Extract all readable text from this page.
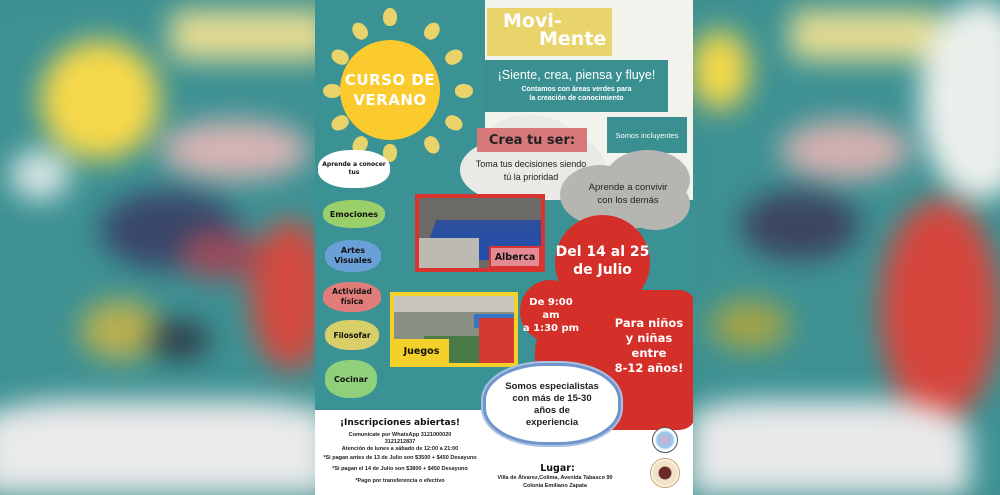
CURSO DE
VERANO
Movi-
Mente
¡Siente, crea, piensa y fluye!
Contamos con áreas verdes para
la creación de conocimiento
Somos incluyentes
Crea tu ser:
Toma tus decisiones siendo
tú la prioridad
Aprende a convivir
con los demás
Aprende a conocer tus
Emociones
Artes Visuales
Actividad física
Filosofar
Cocinar
Alberca
Juegos
Del 14 al 25
de Julio
De 9:00 am
a 1:30 pm	Para niños
y niñas
entre
8-12 años!
Somos especialistas
con más de 15-30
años de
experiencia
¡Inscripciones abiertas!
Comunicate por WhatsApp 3121000020
3121212837
Atención de lunes a sábado de 12:00 a 21:00
*Si pagan antes de 13 de Julio son $3500 + $450 Desayuno
*Si pagan el 14 de Julio son $3800 + $450 Desayuno
*Pago por transferencia o efectivo
Lugar:
Villa de Álvarez,Colima, Avenida Tabasco 90
Colonia Emiliano Zapata
